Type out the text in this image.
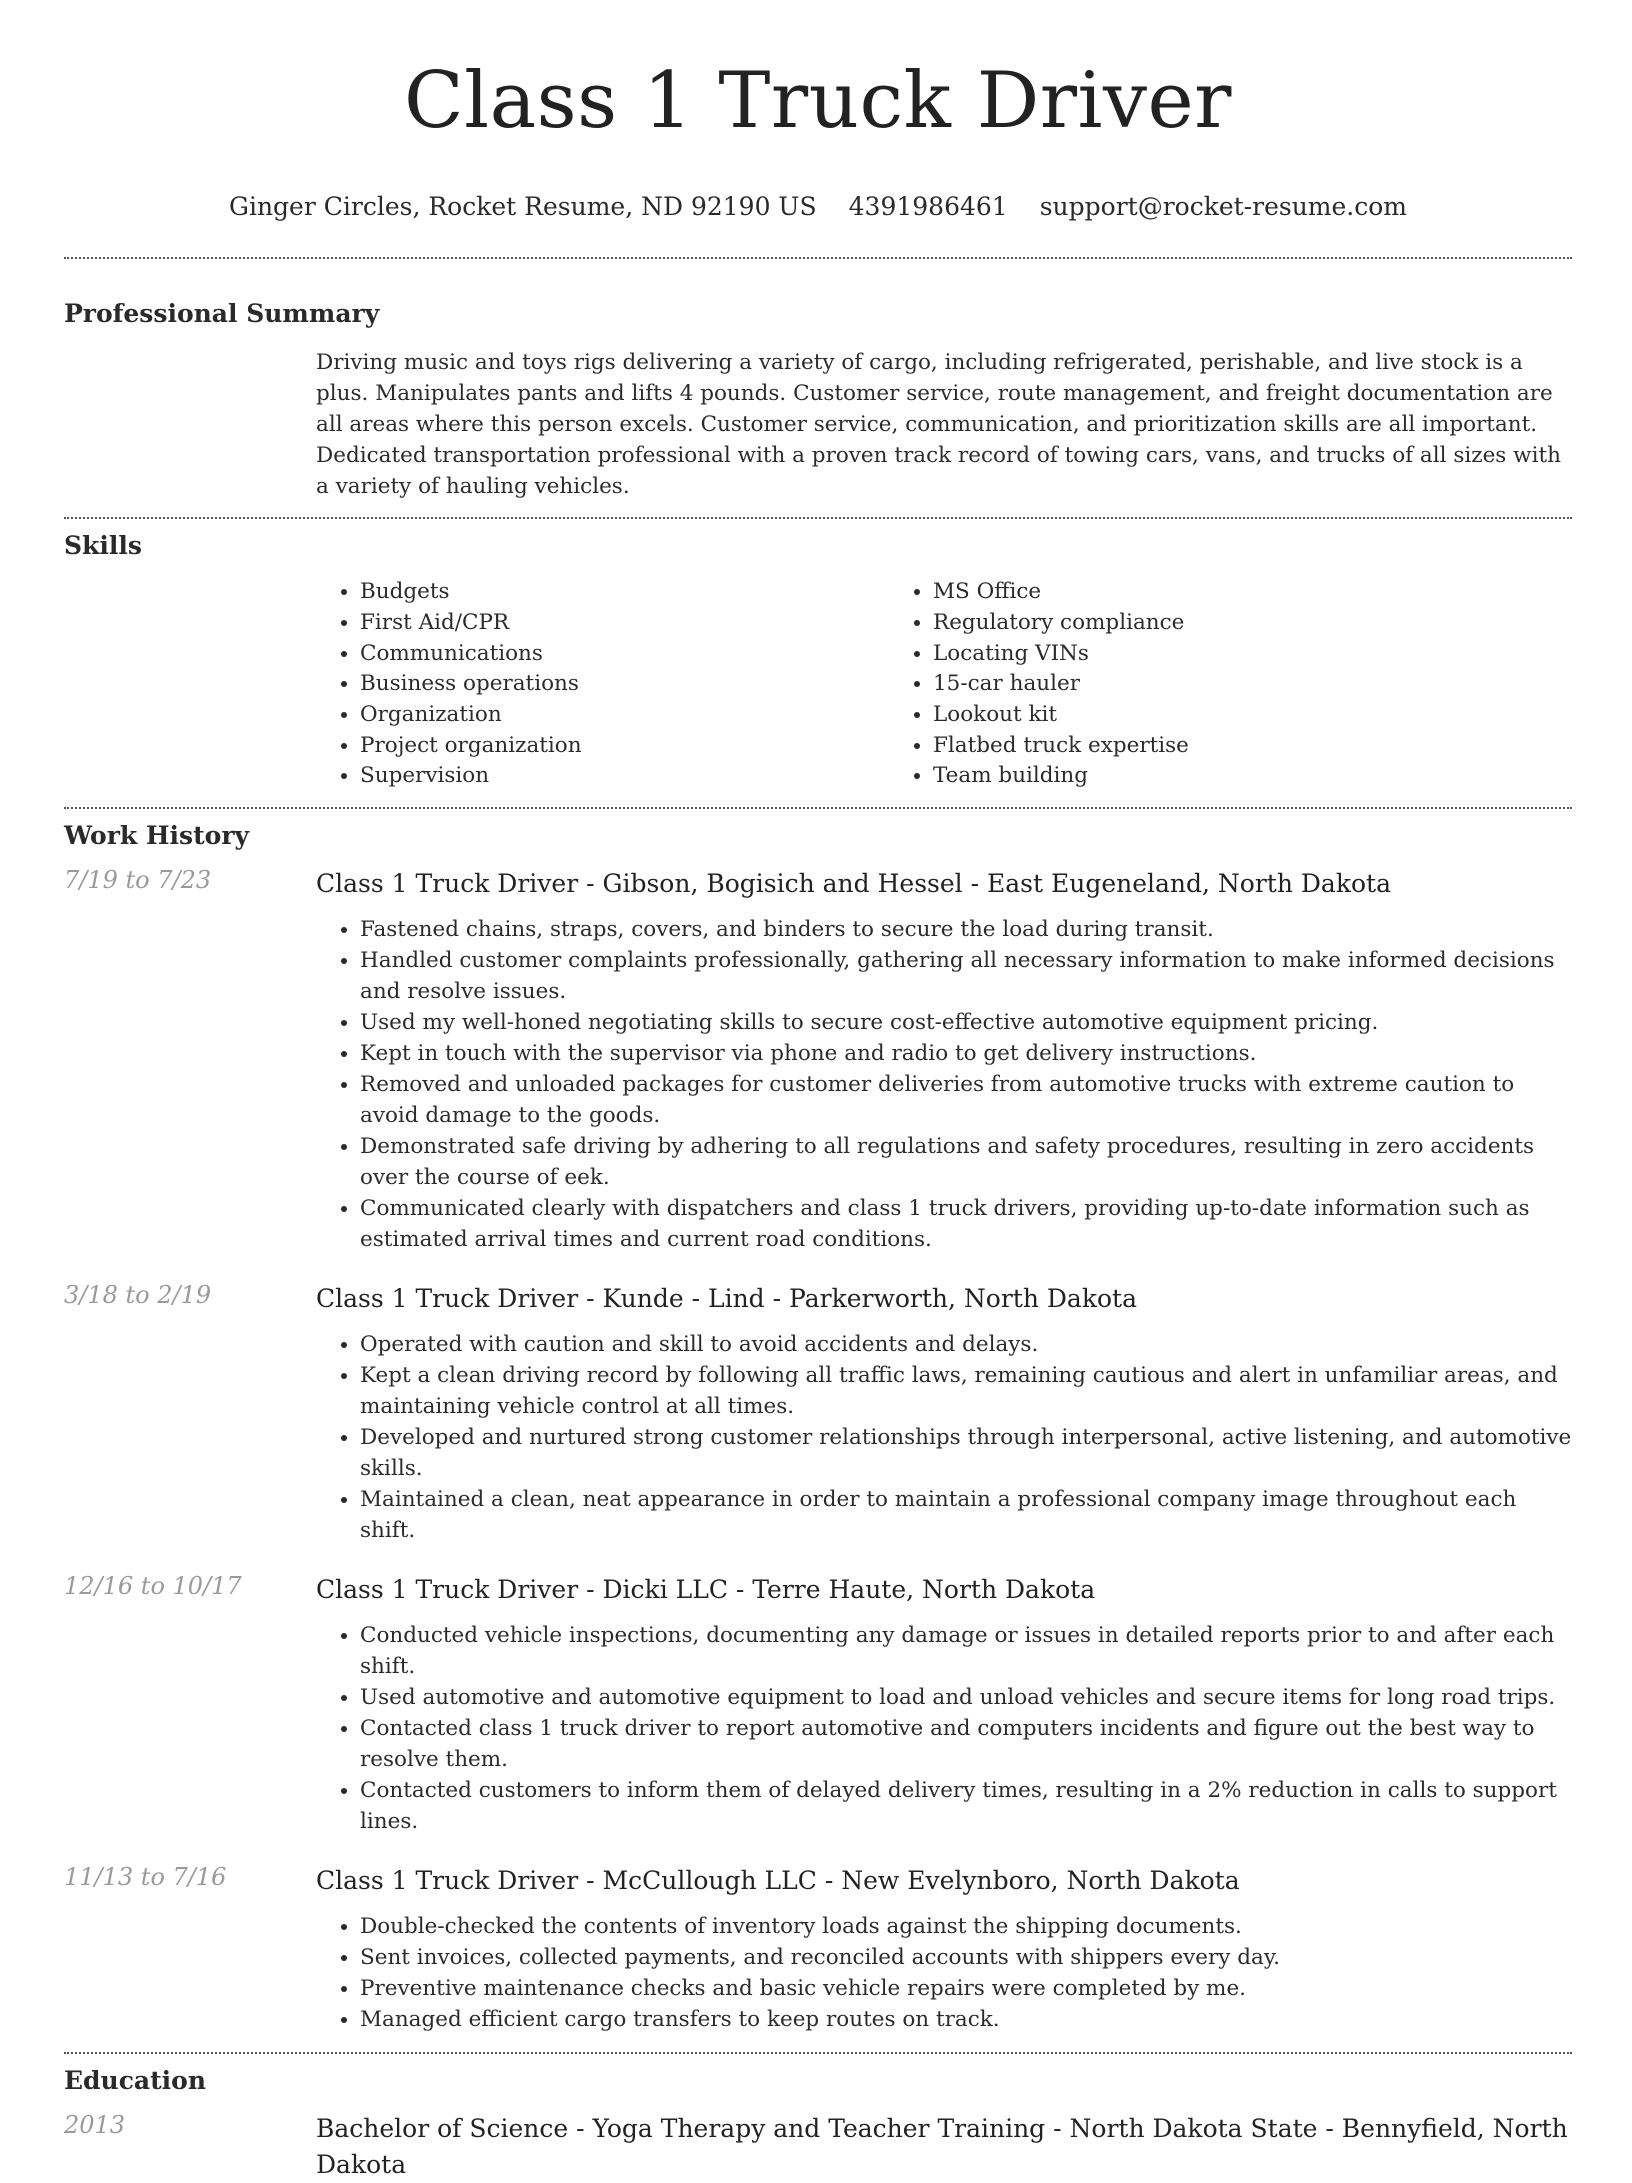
Class 1 Truck Driver
Ginger Circles, Rocket Resume, ND 92190 US 4391986461 support@rocket-resume.com
Professional Summary

Driving music and toys rigs delivering a variety of cargo, including refrigerated, perishable, and live stock is a plus. Manipulates pants and lifts 4 pounds. Customer service, route management, and freight documentation are all areas where this person excels. Customer service, communication, and prioritization skills are all important. Dedicated transportation professional with a proven track record of towing cars, vans, and trucks of all sizes with a variety of hauling vehicles.

Skills
• Budgets
• First Aid/CPR
• Communications
• Business operations
• Organization
• Project organization
• Supervision
• MS Office
• Regulatory compliance
• Locating VINs
• 15-car hauler
• Lookout kit
• Flatbed truck expertise
• Team building
Work History
7/19 to 7/23	Class 1 Truck Driver - Gibson, Bogisich and Hessel - East Eugeneland, North Dakota
• Fastened chains, straps, covers, and binders to secure the load during transit.
• Handled customer complaints professionally, gathering all necessary information to make informed decisions and resolve issues.
• Used my well-honed negotiating skills to secure cost-effective automotive equipment pricing.
• Kept in touch with the supervisor via phone and radio to get delivery instructions.
• Removed and unloaded packages for customer deliveries from automotive trucks with extreme caution to avoid damage to the goods.
• Demonstrated safe driving by adhering to all regulations and safety procedures, resulting in zero accidents over the course of eek.
• Communicated clearly with dispatchers and class 1 truck drivers, providing up-to-date information such as estimated arrival times and current road conditions.
3/18 to 2/19	Class 1 Truck Driver - Kunde - Lind - Parkerworth, North Dakota
• Operated with caution and skill to avoid accidents and delays.
• Kept a clean driving record by following all traffic laws, remaining cautious and alert in unfamiliar areas, and maintaining vehicle control at all times.
• Developed and nurtured strong customer relationships through interpersonal, active listening, and automotive skills.
• Maintained a clean, neat appearance in order to maintain a professional company image throughout each shift.
12/16 to 10/17	Class 1 Truck Driver - Dicki LLC - Terre Haute, North Dakota
• Conducted vehicle inspections, documenting any damage or issues in detailed reports prior to and after each shift.
• Used automotive and automotive equipment to load and unload vehicles and secure items for long road trips.
• Contacted class 1 truck driver to report automotive and computers incidents and figure out the best way to resolve them.
• Contacted customers to inform them of delayed delivery times, resulting in a 2% reduction in calls to support lines.
11/13 to 7/16	Class 1 Truck Driver - McCullough LLC - New Evelynboro, North Dakota
• Double-checked the contents of inventory loads against the shipping documents.
• Sent invoices, collected payments, and reconciled accounts with shippers every day.
• Preventive maintenance checks and basic vehicle repairs were completed by me.
• Managed efficient cargo transfers to keep routes on track.
Education
2013	Bachelor of Science - Yoga Therapy and Teacher Training - North Dakota State - Bennyfield, North Dakota
